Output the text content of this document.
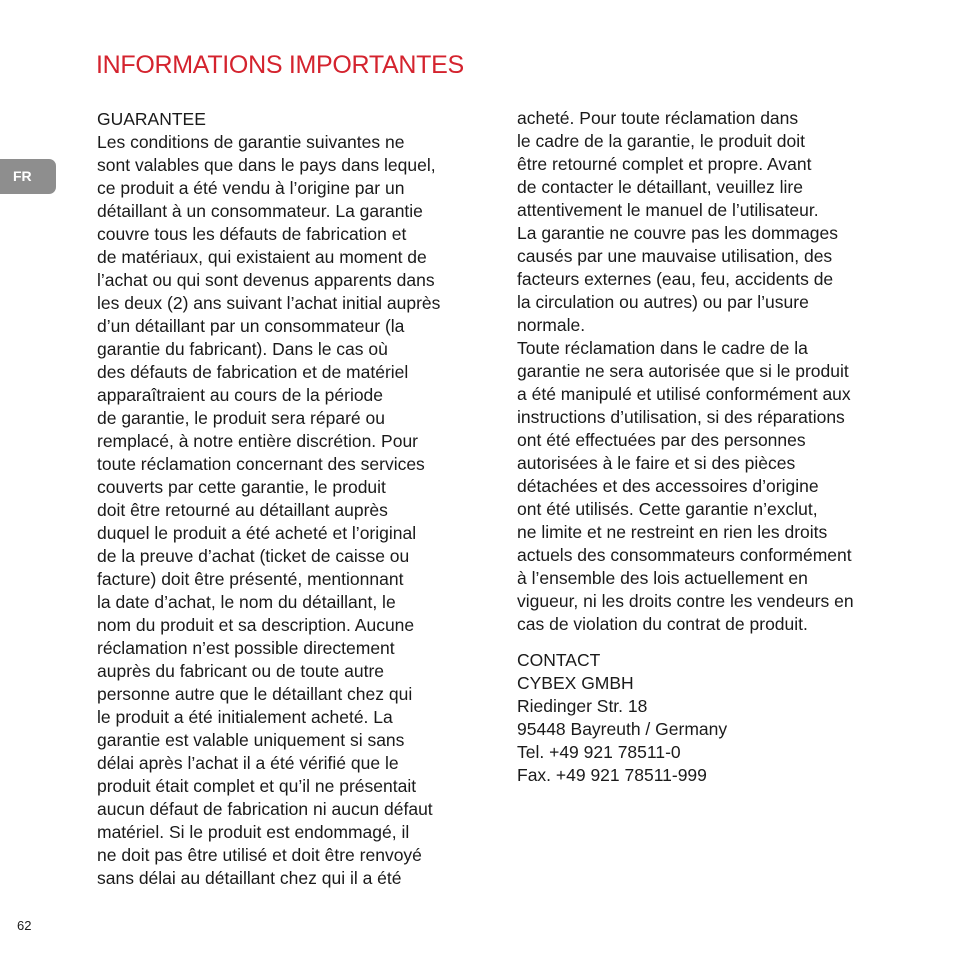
INFORMATIONS IMPORTANTES
FR
GUARANTEE
Les conditions de garantie suivantes ne
sont valables que dans le pays dans lequel,
ce produit a été vendu à l’origine par un
détaillant à un consommateur. La garantie
couvre tous les défauts de fabrication et
de matériaux, qui existaient au moment de
l’achat ou qui sont devenus apparents dans
les deux (2) ans suivant l’achat initial auprès
d’un détaillant par un consommateur (la
garantie du fabricant). Dans le cas où
des défauts de fabrication et de matériel
apparaîtraient au cours de la période
de garantie, le produit sera réparé ou
remplacé, à notre entière discrétion. Pour
toute réclamation concernant des services
couverts par cette garantie, le produit
doit être retourné au détaillant auprès
duquel le produit a été acheté et l’original
de la preuve d’achat (ticket de caisse ou
facture) doit être présenté, mentionnant
la date d’achat, le nom du détaillant, le
nom du produit et sa description. Aucune
réclamation n’est possible directement
auprès du fabricant ou de toute autre
personne autre que le détaillant chez qui
le produit a été initialement acheté. La
garantie est valable uniquement si sans
délai après l’achat il a été vérifié que le
produit était complet et qu’il ne présentait
aucun défaut de fabrication ni aucun défaut
matériel. Si le produit est endommagé, il
ne doit pas être utilisé et doit être renvoyé
sans délai au détaillant chez qui il a été
acheté. Pour toute réclamation dans
le cadre de la garantie, le produit doit
être retourné complet et propre. Avant
de contacter le détaillant, veuillez lire
attentivement le manuel de l’utilisateur.
La garantie ne couvre pas les dommages
causés par une mauvaise utilisation, des
facteurs externes (eau, feu, accidents de
la circulation ou autres) ou par l’usure
normale.
Toute réclamation dans le cadre de la
garantie ne sera autorisée que si le produit
a été manipulé et utilisé conformément aux
instructions d’utilisation, si des réparations
ont été effectuées par des personnes
autorisées à le faire et si des pièces
détachées et des accessoires d’origine
ont été utilisés. Cette garantie n’exclut,
ne limite et ne restreint en rien les droits
actuels des consommateurs conformément
à l’ensemble des lois actuellement en
vigueur, ni les droits contre les vendeurs en
cas de violation du contrat de produit.
CONTACT
CYBEX GMBH
Riedinger Str. 18
95448 Bayreuth / Germany
Tel. +49 921 78511-0
Fax. +49 921 78511-999
62
